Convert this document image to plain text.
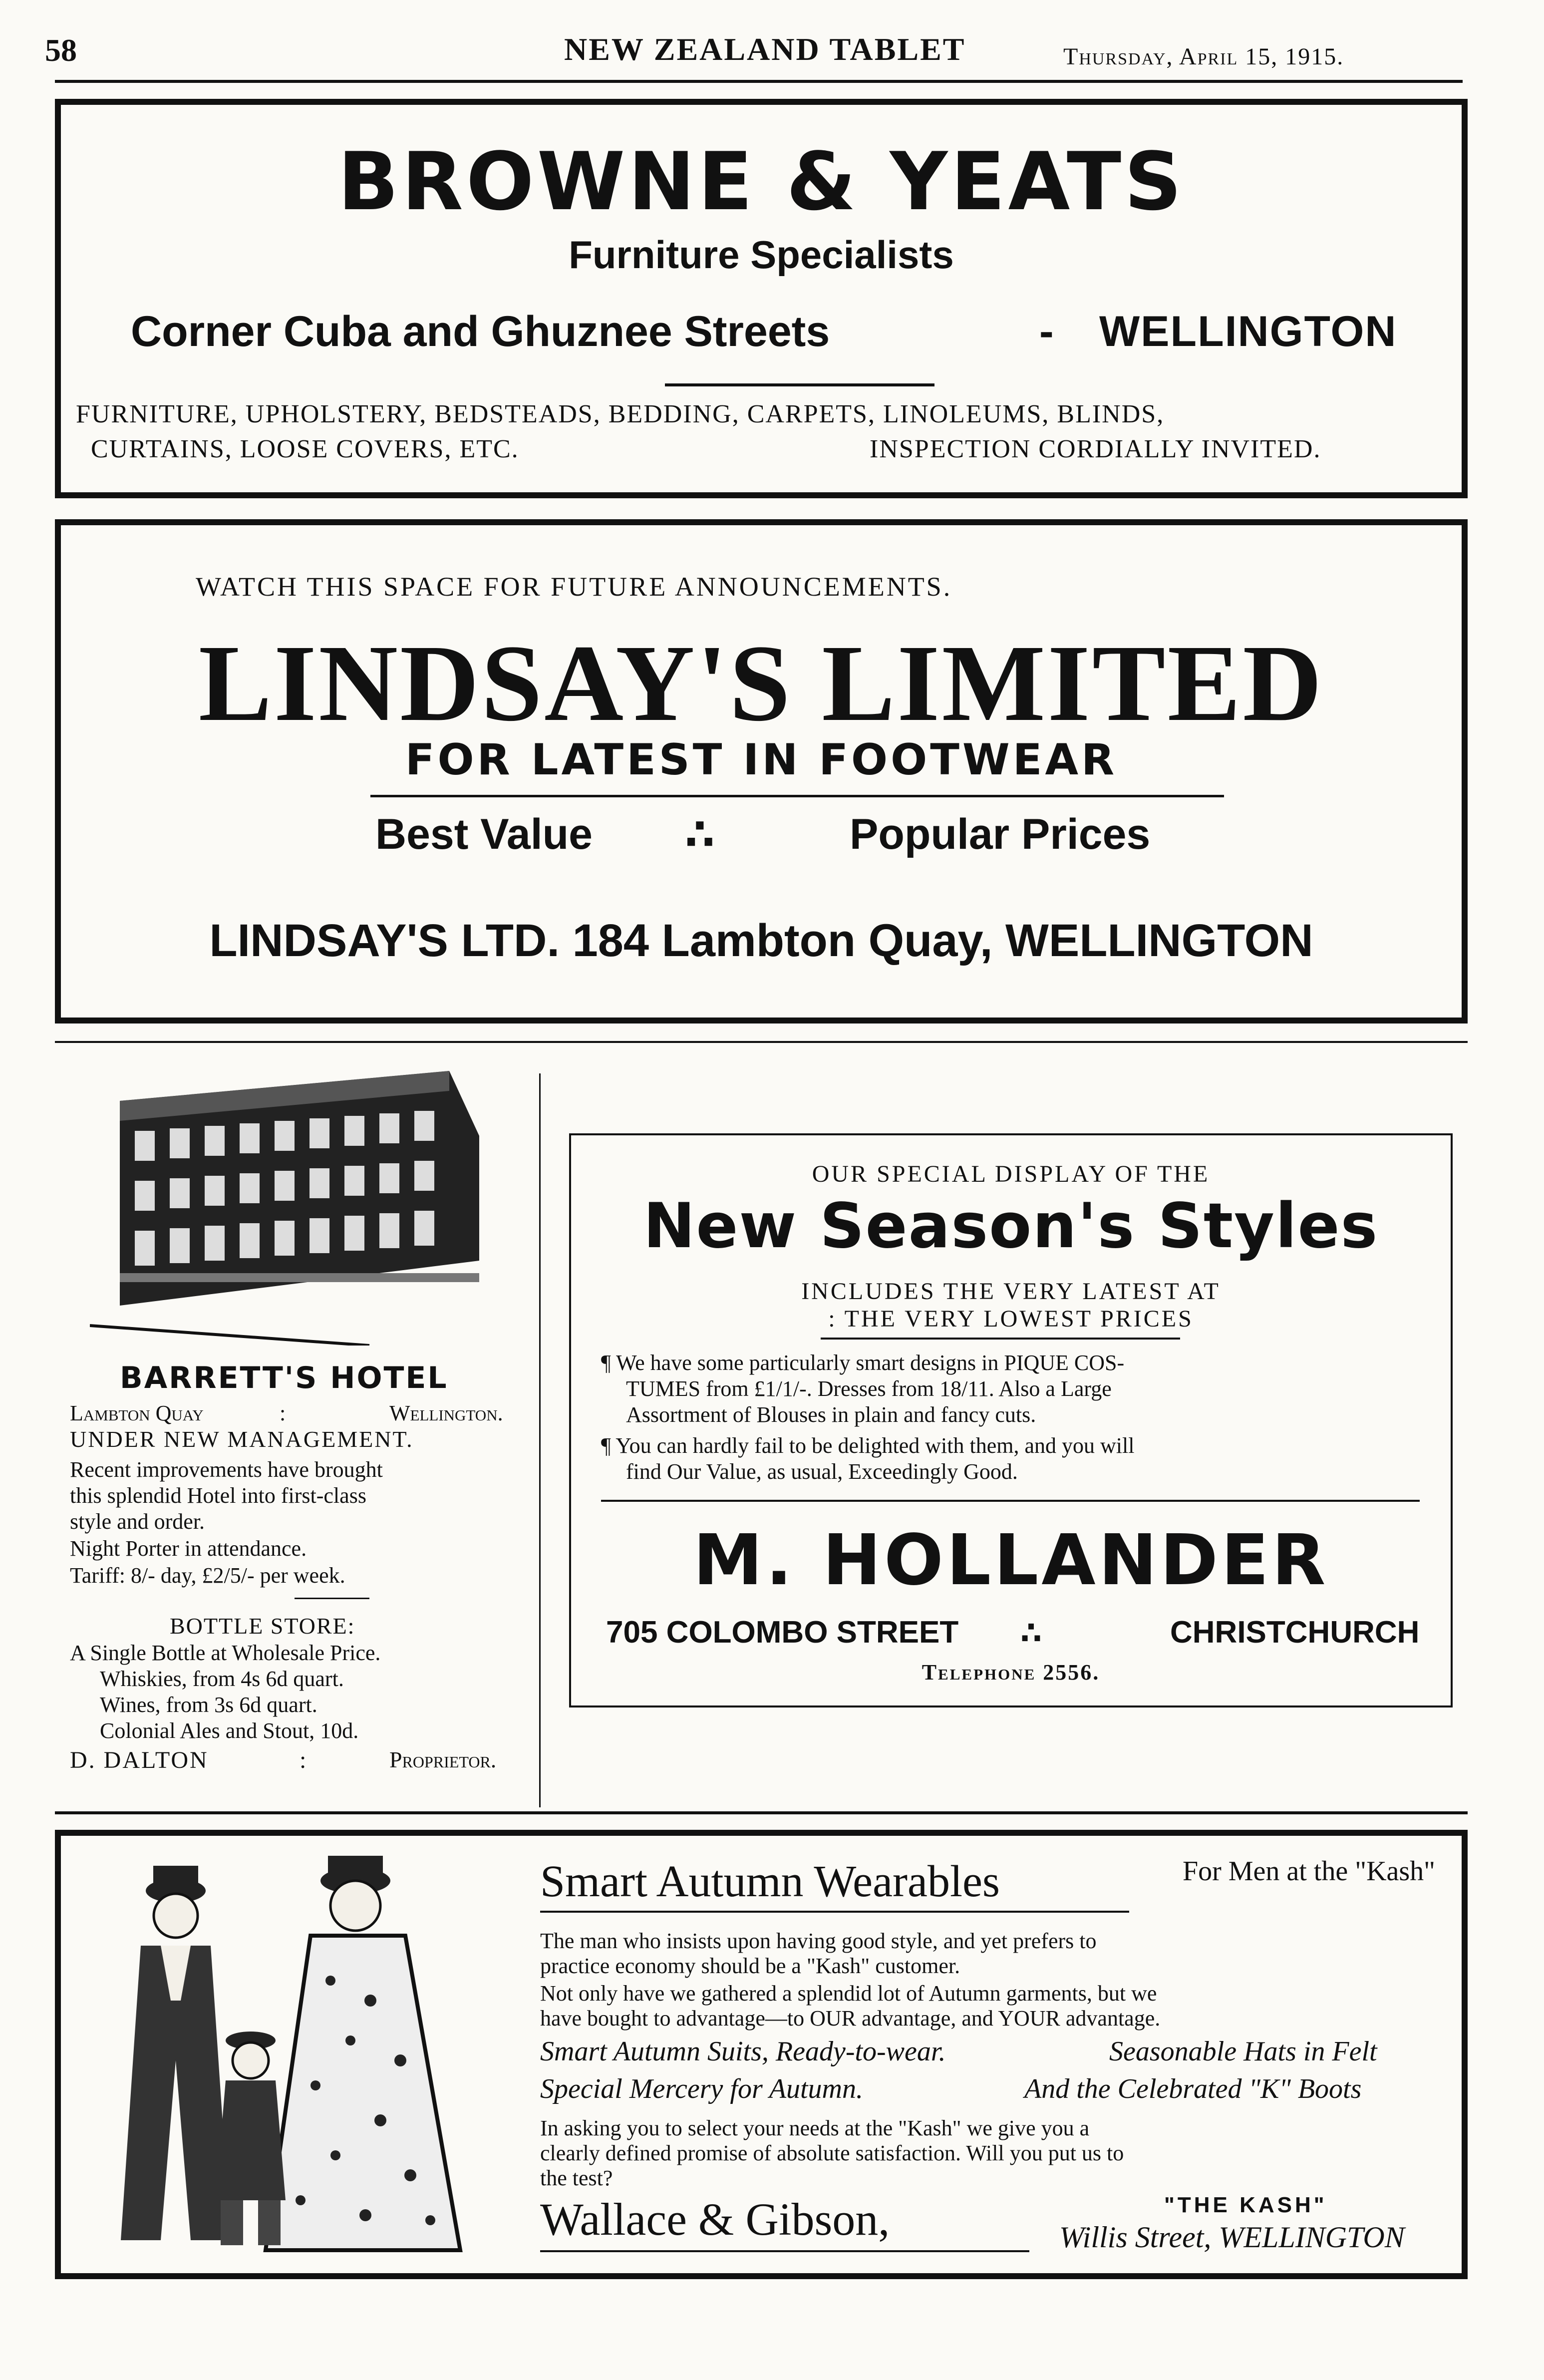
58	NEW ZEALAND TABLET	Thursday, April 15, 1915.
BROWNE & YEATS
Furniture Specialists
Corner Cuba and Ghuznee Streets	- WELLINGTON
FURNITURE, UPHOLSTERY, BEDSTEADS, BEDDING, CARPETS, LINOLEUMS, BLINDS,
CURTAINS, LOOSE COVERS, ETC.	INSPECTION CORDIALLY INVITED.
WATCH THIS SPACE FOR FUTURE ANNOUNCEMENTS.
LINDSAY'S LIMITED
FOR LATEST IN FOOTWEAR
Best Value ∴	Popular Prices
LINDSAY'S LTD. 184 Lambton Quay, WELLINGTON
BARRETT'S HOTEL
Lambton Quay	:	Wellington.
UNDER NEW MANAGEMENT.
Recent improvements have brought
this splendid Hotel into first-class
style and order.
Night Porter in attendance.
Tariff: 8/- day, £2/5/- per week.
BOTTLE STORE:
A Single Bottle at Wholesale Price.
Whiskies, from 4s 6d quart.
Wines, from 3s 6d quart.
Colonial Ales and Stout, 10d.
D. DALTON	:	Proprietor.
OUR SPECIAL DISPLAY OF THE
New Season's Styles
INCLUDES THE VERY LATEST AT
: THE VERY LOWEST PRICES
¶ We have some particularly smart designs in PIQUE COS-
TUMES from £1/1/-. Dresses from 18/11. Also a Large
Assortment of Blouses in plain and fancy cuts.
¶ You can hardly fail to be delighted with them, and you will
find Our Value, as usual, Exceedingly Good.
M. HOLLANDER
705 COLOMBO STREET ∴	CHRISTCHURCH
Telephone 2556.
Smart Autumn Wearables	For Men at the "Kash"
The man who insists upon having good style, and yet prefers to
practice economy should be a "Kash" customer.
Not only have we gathered a splendid lot of Autumn garments, but we
have bought to advantage—to OUR advantage, and YOUR advantage.
Smart Autumn Suits, Ready-to-wear.	Seasonable Hats in Felt
Special Mercery for Autumn.	And the Celebrated "K" Boots
In asking you to select your needs at the "Kash" we give you a
clearly defined promise of absolute satisfaction. Will you put us to
the test?
Wallace & Gibson,	"THE KASH"
Willis Street, WELLINGTON
